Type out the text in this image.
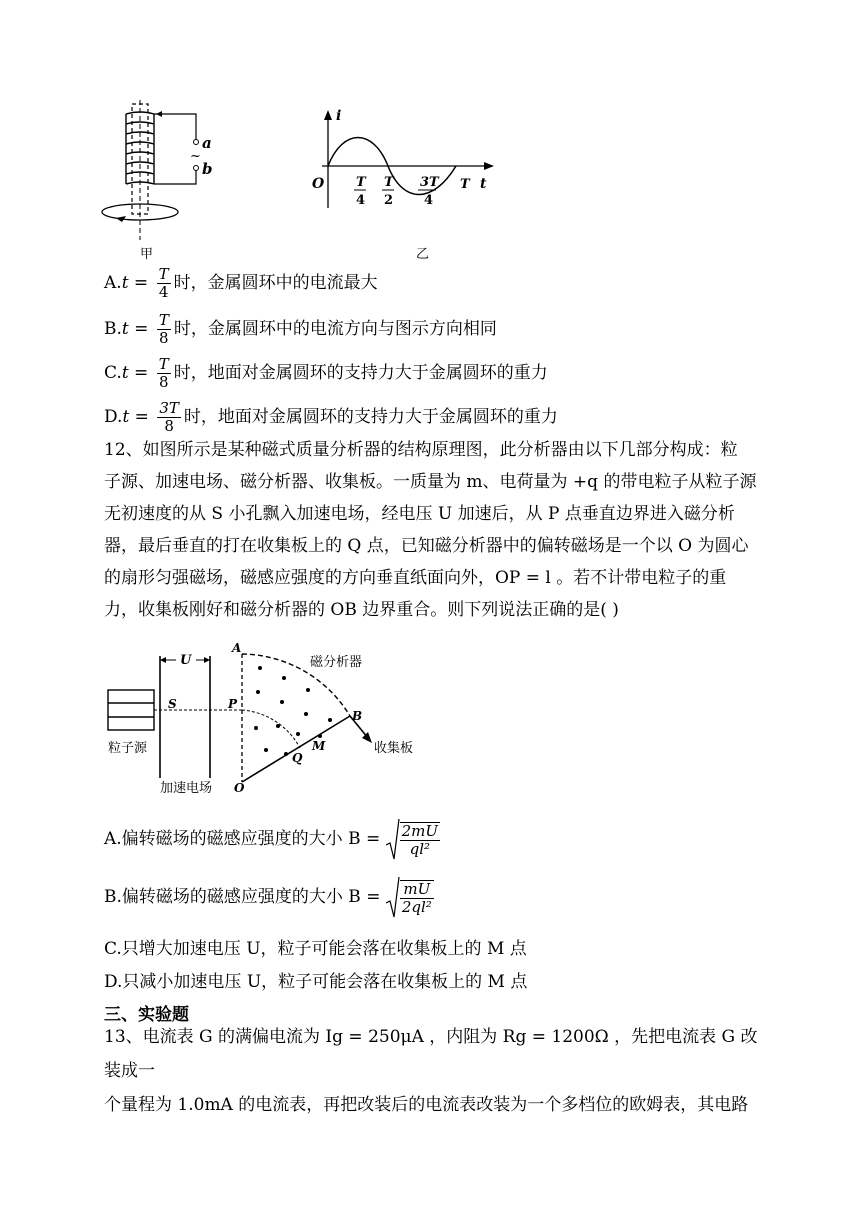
a
~
b
甲
i
t
O T
4
T
2
3T
4
T
乙
$A.t = \frac{T}{4}$ 时，金属圆环中的电流最大
$B.t = \frac{T}{8}$ 时，金属圆环中的电流方向与图示方向相同
$C.t = \frac{T}{8}$ 时，地面对金属圆环的支持力大于金属圆环的重力
$D.t = \frac{3T}{8}$ 时，地面对金属圆环的支持力大于金属圆环的重力
12、如图所示是某种磁式质量分析器的结构原理图，此分析器由以下几部分构成：粒
子源、加速电场、磁分析器、收集板。一质量为 m、电荷量为 +q 的带电粒子从粒子源
无初速度的从 S 小孔飘入加速电场，经电压 U 加速后，从 P 点垂直边界进入磁分析
器，最后垂直的打在收集板上的 Q 点，已知磁分析器中的偏转磁场是一个以 O 为圆心
的扇形匀强磁场，磁感应强度的方向垂直纸面向外，OP = l 。若不计带电粒子的重
力，收集板刚好和磁分析器的 OB 边界重合。则下列说法正确的是( )
粒子源
U
S
加速电场
A
P
B
M
Q
O
磁分析器
收集板
A.偏转磁场的磁感应强度的大小 $B = \frac{2mU}{\text{ql²}}$
B.偏转磁场的磁感应强度的大小 $B = \frac{mU}{\text{2ql²}}$
C.只增大加速电压 U，粒子可能会落在收集板上的 M 点
D.只减小加速电压 U，粒子可能会落在收集板上的 M 点
三、实验题
13、电流表 G 的满偏电流为 Ig = 250μA ，内阻为 Rg = 1200Ω ，先把电流表 G 改装成一
个量程为 1.0mA 的电流表，再把改装后的电流表改装为一个多档位的欧姆表，其电路
